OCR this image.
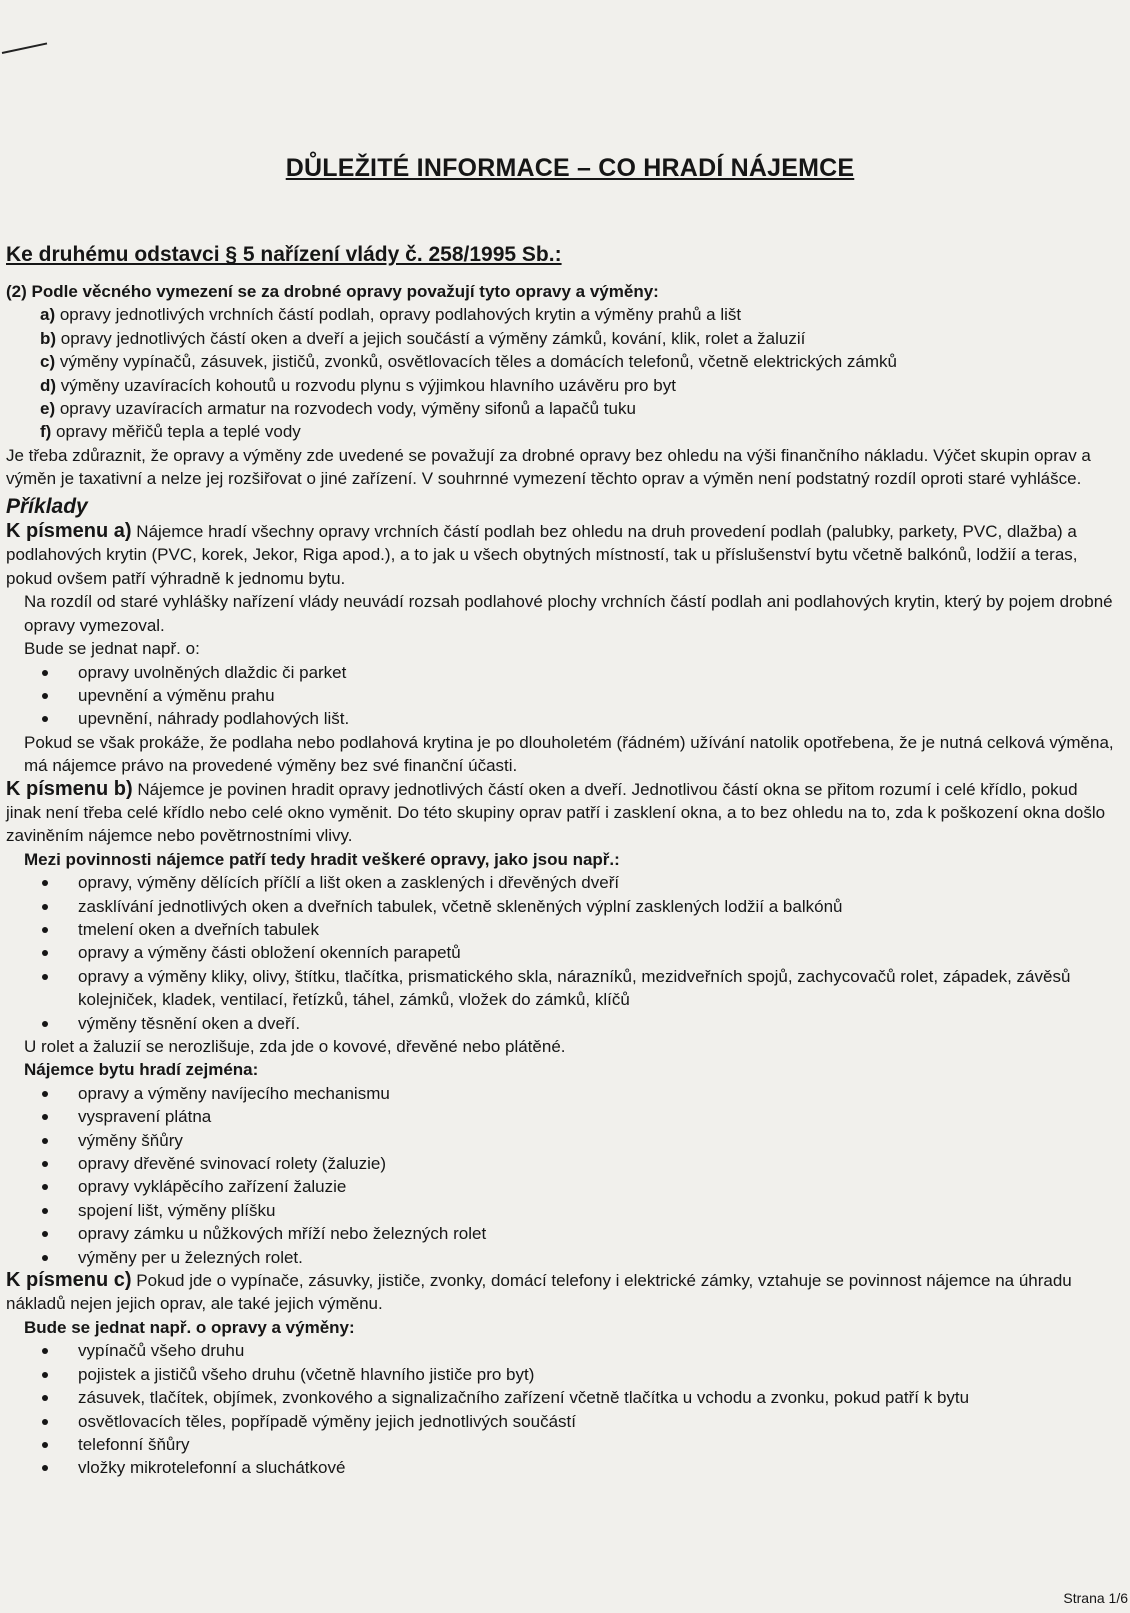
DŮLEŽITÉ INFORMACE – CO HRADÍ NÁJEMCE
Ke druhému odstavci § 5 nařízení vlády č. 258/1995 Sb.:

(2) Podle věcného vymezení se za drobné opravy považují tyto opravy a výměny:

a) opravy jednotlivých vrchních částí podlah, opravy podlahových krytin a výměny prahů a lišt
b) opravy jednotlivých částí oken a dveří a jejich součástí a výměny zámků, kování, klik, rolet a žaluzií
c) výměny vypínačů, zásuvek, jističů, zvonků, osvětlovacích těles a domácích telefonů, včetně elektrických zámků
d) výměny uzavíracích kohoutů u rozvodu plynu s výjimkou hlavního uzávěru pro byt
e) opravy uzavíracích armatur na rozvodech vody, výměny sifonů a lapačů tuku
f) opravy měřičů tepla a teplé vody

Je třeba zdůraznit, že opravy a výměny zde uvedené se považují za drobné opravy bez ohledu na výši finančního nákladu. Výčet skupin oprav a výměn je taxativní a nelze jej rozšiřovat o jiné zařízení. V souhrnné vymezení těchto oprav a výměn není podstatný rozdíl oproti staré vyhlášce.

Příklady

K písmenu a) Nájemce hradí všechny opravy vrchních částí podlah bez ohledu na druh provedení podlah (palubky, parkety, PVC, dlažba) a podlahových krytin (PVC, korek, Jekor, Riga apod.), a to jak u všech obytných místností, tak u příslušenství bytu včetně balkónů, lodžií a teras, pokud ovšem patří výhradně k jednomu bytu.

Na rozdíl od staré vyhlášky nařízení vlády neuvádí rozsah podlahové plochy vrchních částí podlah ani podlahových krytin, který by pojem drobné opravy vymezoval.

Bude se jednat např. o:

opravy uvolněných dlaždic či parket
upevnění a výměnu prahu
upevnění, náhrady podlahových lišt.

Pokud se však prokáže, že podlaha nebo podlahová krytina je po dlouholetém (řádném) užívání natolik opotřebena, že je nutná celková výměna, má nájemce právo na provedené výměny bez své finanční účasti.

K písmenu b) Nájemce je povinen hradit opravy jednotlivých částí oken a dveří. Jednotlivou částí okna se přitom rozumí i celé křídlo, pokud jinak není třeba celé křídlo nebo celé okno vyměnit. Do této skupiny oprav patří i zasklení okna, a to bez ohledu na to, zda k poškození okna došlo zaviněním nájemce nebo povětrnostními vlivy.

Mezi povinnosti nájemce patří tedy hradit veškeré opravy, jako jsou např.:

opravy, výměny dělících příčlí a lišt oken a zasklených i dřevěných dveří
zasklívání jednotlivých oken a dveřních tabulek, včetně skleněných výplní zasklených lodžií a balkónů
tmelení oken a dveřních tabulek
opravy a výměny části obložení okenních parapetů
opravy a výměny kliky, olivy, štítku, tlačítka, prismatického skla, nárazníků, mezidveřních spojů, zachycovačů rolet, západek, závěsů kolejniček, kladek, ventilací, řetízků, táhel, zámků, vložek do zámků, klíčů
výměny těsnění oken a dveří.

U rolet a žaluzií se nerozlišuje, zda jde o kovové, dřevěné nebo plátěné.

Nájemce bytu hradí zejména:

opravy a výměny navíjecího mechanismu
vyspravení plátna
výměny šňůry
opravy dřevěné svinovací rolety (žaluzie)
opravy vyklápěcího zařízení žaluzie
spojení lišt, výměny plíšku
opravy zámku u nůžkových mříží nebo železných rolet
výměny per u železných rolet.

K písmenu c) Pokud jde o vypínače, zásuvky, jističe, zvonky, domácí telefony i elektrické zámky, vztahuje se povinnost nájemce na úhradu nákladů nejen jejich oprav, ale také jejich výměnu.

Bude se jednat např. o opravy a výměny:

vypínačů všeho druhu
pojistek a jističů všeho druhu (včetně hlavního jističe pro byt)
zásuvek, tlačítek, objímek, zvonkového a signalizačního zařízení včetně tlačítka u vchodu a zvonku, pokud patří k bytu
osvětlovacích těles, popřípadě výměny jejich jednotlivých součástí
telefonní šňůry
vložky mikrotelefonní a sluchátkové
Strana 1/6
